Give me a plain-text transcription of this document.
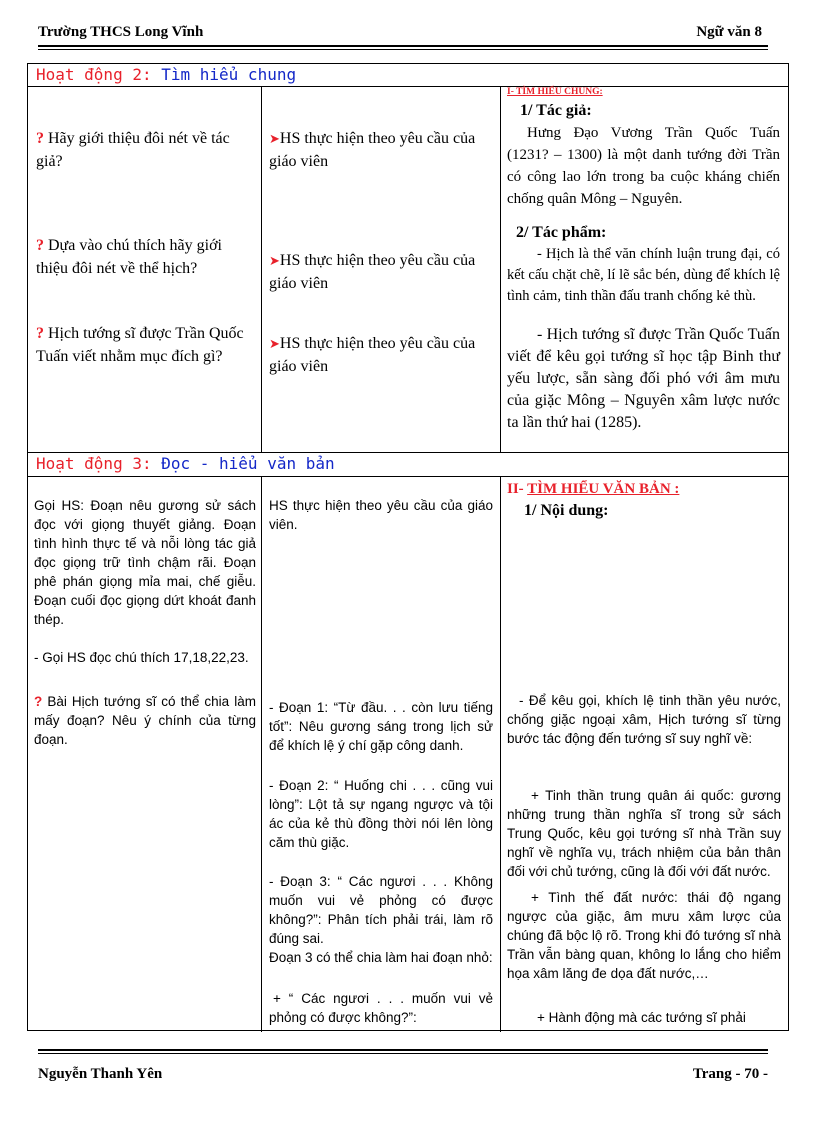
Trường THCS Long Vĩnh	Ngữ văn 8
Hoạt động 2: Tìm hiểu chung
? Hãy giới thiệu đôi nét về tác giả?
? Dựa vào chú thích hãy giới thiệu đôi nét về thể hịch?
? Hịch tướng sĩ được Trần Quốc Tuấn viết nhằm mục đích gì?
➤HS thực hiện theo yêu cầu của giáo viên
➤HS thực hiện theo yêu cầu của giáo viên
➤HS thực hiện theo yêu cầu của giáo viên
I- TÌM HIỂU CHUNG:
1/ Tác giả:
Hưng Đạo Vương Trần Quốc Tuấn (1231? – 1300) là một danh tướng đời Trần có công lao lớn trong ba cuộc kháng chiến chống quân Mông – Nguyên.
2/ Tác phẩm:
- Hịch là thể văn chính luận trung đại, có kết cấu chặt chẽ, lí lẽ sắc bén, dùng để khích lệ tình cảm, tinh thần đấu tranh chống kẻ thù.
- Hịch tướng sĩ được Trần Quốc Tuấn viết để kêu gọi tướng sĩ học tập Binh thư yếu lược, sẵn sàng đối phó với âm mưu của giặc Mông – Nguyên xâm lược nước ta lần thứ hai (1285).
Hoạt động 3: Đọc - hiểu văn bản
Gọi HS: Đoạn nêu gương sử sách đọc với giọng thuyết giảng. Đoạn tình hình thực tế và nỗi lòng tác giả đọc giọng trữ tình chậm rãi. Đoạn phê phán giọng mỉa mai, chế giễu. Đoạn cuối đọc giọng dứt khoát đanh thép.
- Gọi HS đọc chú thích 17,18,22,23.
? Bài Hịch tướng sĩ có thể chia làm mấy đoạn? Nêu ý chính của từng đoạn.
HS thực hiện theo yêu cầu của giáo viên.
- Đoạn 1: “Từ đầu. . . còn lưu tiếng tốt”: Nêu gương sáng trong lịch sử để khích lệ ý chí gặp công danh.
- Đoạn 2: “ Huống chi . . . cũng vui lòng”: Lột tả sự ngang ngược và tội ác của kẻ thù đồng thời nói lên lòng căm thù giặc.
- Đoạn 3: “ Các ngươi . . . Không muốn vui vẻ phỏng có được không?”: Phân tích phải trái, làm rõ đúng sai.
Đoạn 3 có thể chia làm hai đoạn nhỏ:
+ “ Các ngươi . . . muốn vui vẻ phỏng có được không?”:
II- TÌM HIỂU VĂN BẢN :
1/ Nội dung:
- Để kêu gọi, khích lệ tinh thần yêu nước, chống giặc ngoại xâm, Hịch tướng sĩ từng bước tác động đến tướng sĩ suy nghĩ về:
+ Tinh thần trung quân ái quốc: gương những trung thần nghĩa sĩ trong sử sách Trung Quốc, kêu gọi tướng sĩ nhà Trần suy nghĩ về nghĩa vụ, trách nhiệm của bản thân đối với chủ tướng, cũng là đối với đất nước.
+ Tình thế đất nước: thái độ ngang ngược của giặc, âm mưu xâm lược của chúng đã bộc lộ rõ. Trong khi đó tướng sĩ nhà Trần vẫn bàng quan, không lo lắng cho hiểm họa xâm lăng đe dọa đất nước,…
+ Hành động mà các tướng sĩ phải
Nguyễn Thanh Yên	Trang - 70 -
